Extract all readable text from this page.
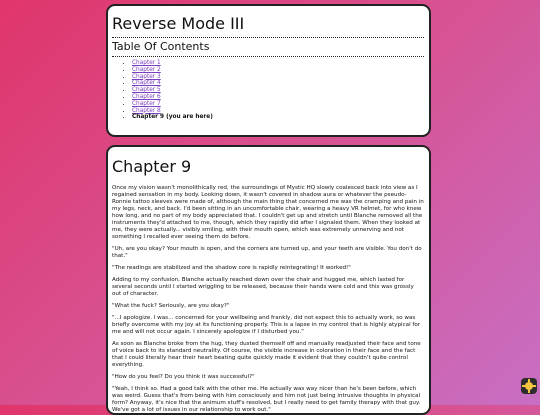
Reverse Mode III
Table Of Contents
• Chapter 1
• Chapter 2
• Chapter 3
• Chapter 4
• Chapter 5
• Chapter 6
• Chapter 7
• Chapter 8
• Chapter 9 (you are here)
Chapter 9

Once my vision wasn't monolithically red, the surroundings of Mystic HQ slowly coalesced back into view as I regained sensation in my body. Looking down, it wasn't covered in shadow aura or whatever the pseudo-Ronnie tattoo sleeves were made of, although the main thing that concerned me was the cramping and pain in my legs, neck, and back. I'd been sitting in an uncomfortable chair, wearing a heavy VR helmet, for who knew how long, and no part of my body appreciated that. I couldn't get up and stretch until Blanche removed all the instruments they'd attached to me, though, which they rapidly did after I signaled them. When they looked at me, they were actually... visibly smiling, with their mouth open, which was extremely unnerving and not something I recalled ever seeing them do before.

"Uh, are you okay? Your mouth is open, and the corners are turned up, and your teeth are visible. You don't do that."

"The readings are stabilized and the shadow core is rapidly reintegrating! It worked!"

Adding to my confusion, Blanche actually reached down over the chair and hugged me, which lasted for several seconds until I started wriggling to be released, because their hands were cold and this was grossly out of character.

"What the fuck? Seriously, are you okay?"

"...I apologize. I was... concerned for your wellbeing and frankly, did not expect this to actually work, so was briefly overcome with my joy at its functioning properly. This is a lapse in my control that is highly atypical for me and will not occur again. I sincerely apologize if I disturbed you."

As soon as Blanche broke from the hug, they dusted themself off and manually readjusted their face and tone of voice back to its standard neutrality. Of course, the visible increase in coloration in their face and the fact that I could literally hear their heart beating quite quickly made it evident that they couldn't quite control everything.

"How do you feel? Do you think it was successful?"

"Yeah, I think so. Had a good talk with the other me. He actually was way nicer than he's been before, which was weird. Guess that's from being with him consciously and him not just being intrusive thoughts in physical form? Anyway, it's nice that the animum stuff's resolved, but I really need to get family therapy with that guy. We've got a lot of issues in our relationship to work out."
